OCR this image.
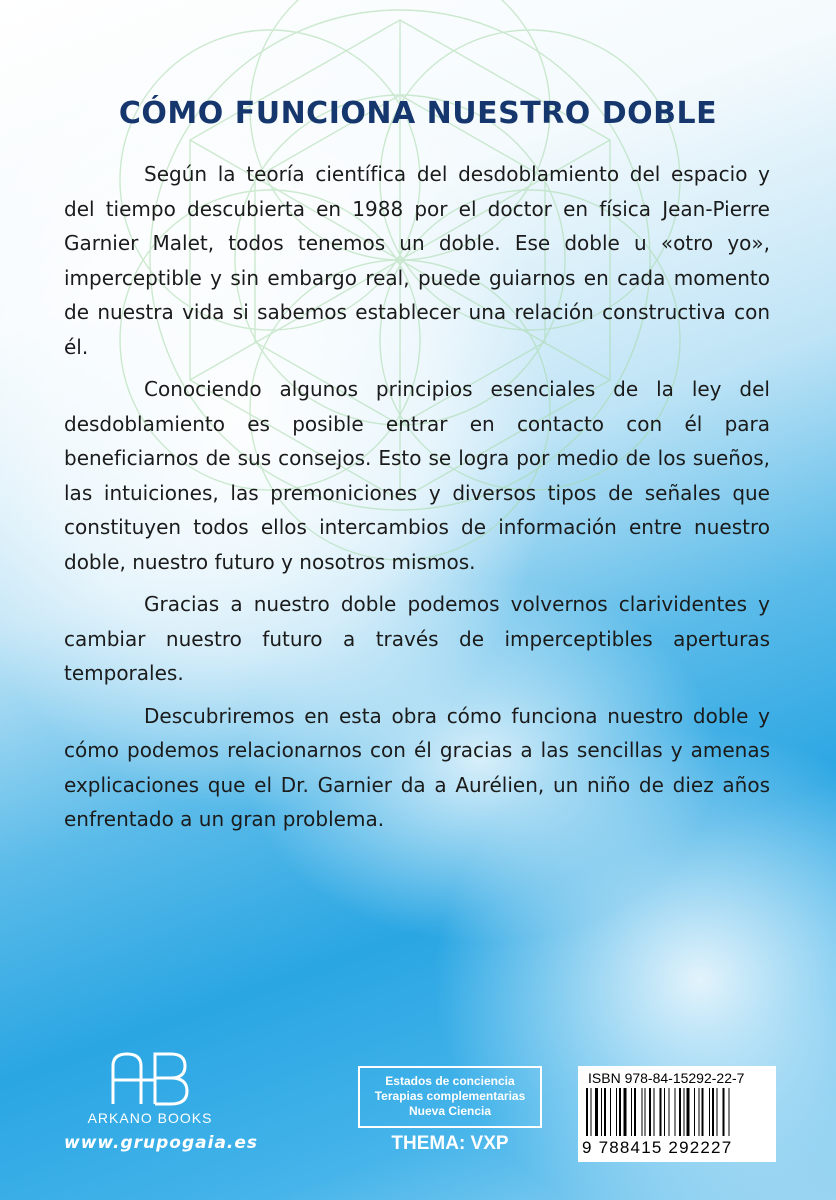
CÓMO FUNCIONA NUESTRO DOBLE

Según la teoría científica del desdoblamiento del espacio y del tiempo descubierta en 1988 por el doctor en física Jean-Pierre Garnier Malet, todos tenemos un doble. Ese doble u «otro yo», imperceptible y sin embargo real, puede guiarnos en cada momento de nuestra vida si sabemos establecer una relación constructiva con él.

Conociendo algunos principios esenciales de la ley del desdoblamiento es posible entrar en contacto con él para beneficiarnos de sus consejos. Esto se logra por medio de los sueños, las intuiciones, las premoniciones y diversos tipos de señales que constituyen todos ellos intercambios de información entre nuestro doble, nuestro futuro y nosotros mismos.

Gracias a nuestro doble podemos volvernos clarividentes y cambiar nuestro futuro a través de imperceptibles aperturas temporales.

Descubriremos en esta obra cómo funciona nuestro doble y cómo podemos relacionarnos con él gracias a las sencillas y amenas explicaciones que el Dr. Garnier da a Aurélien, un niño de diez años enfrentado a un gran problema.

ARKANO BOOKS
www.grupogaia.es
Estados de conciencia
Terapias complementarias
Nueva Ciencia
THEMA: VXP
ISBN 978-84-15292-22-7
9 788415 292227
